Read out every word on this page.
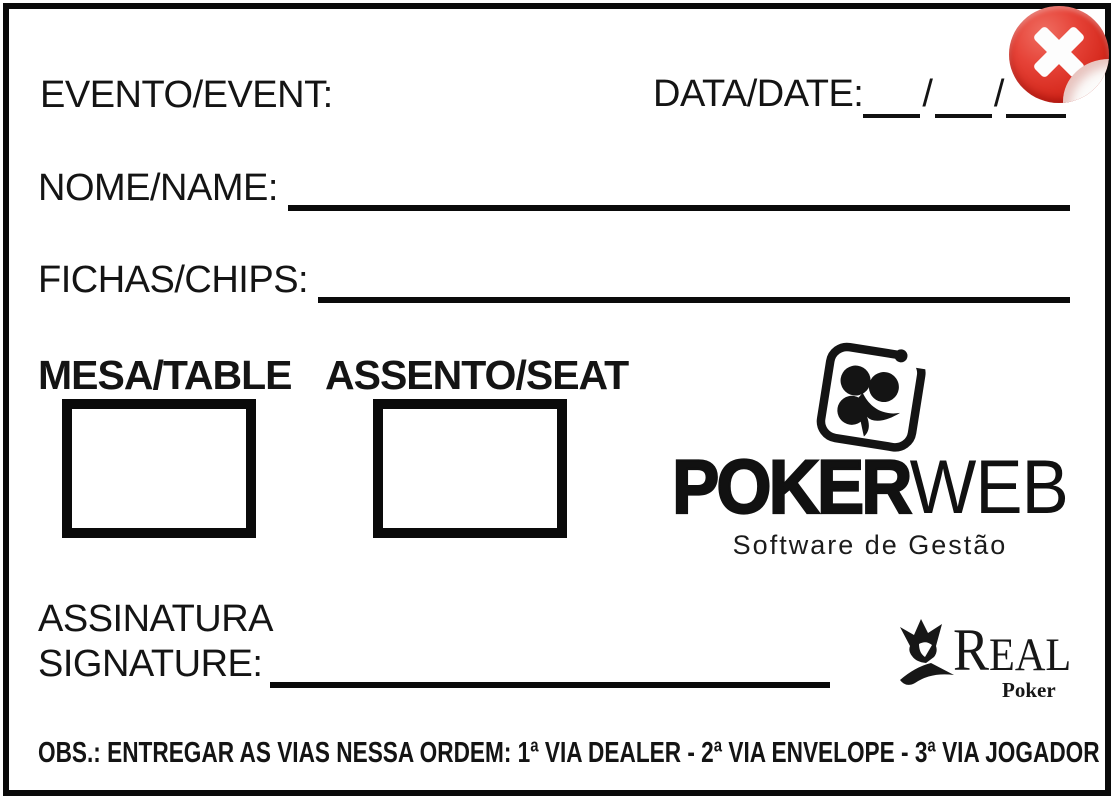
EVENTO/EVENT:	DATA/DATE: / /
NOME/NAME:
FICHAS/CHIPS:
MESA/TABLE ASSENTO/SEAT
POKERWEB
Software de Gestão
ASSINATURA
SIGNATURE:	REAL
Poker
OBS.: ENTREGAR AS VIAS NESSA ORDEM: 1ª VIA DEALER - 2ª VIA ENVELOPE - 3ª VIA JOGADOR
